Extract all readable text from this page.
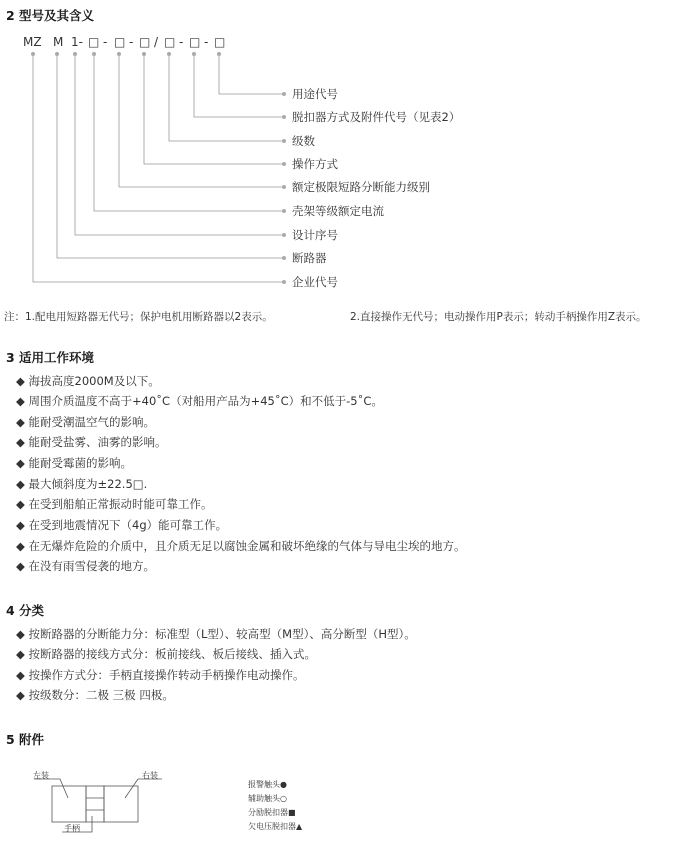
2 型号及其含义
MZ M 1- □ - □ - □ / □ - □ - □
用途代号
脱扣器方式及附件代号（见表2）
级数
操作方式
额定极限短路分断能力级别
壳架等级额定电流
设计序号
断路器
企业代号
注：1.配电用短路器无代号；保护电机用断路器以2表示。	2.直接操作无代号；电动操作用P表示；转动手柄操作用Z表示。
3 适用工作环境
◆ 海拔高度2000M及以下。
◆ 周围介质温度不高于+40˚C（对船用产品为+45˚C）和不低于-5˚C。
◆ 能耐受潮温空气的影响。
◆ 能耐受盐雾、油雾的影响。
◆ 能耐受霉菌的影响。
◆ 最大倾斜度为±22.5□.
◆ 在受到船舶正常振动时能可靠工作。
◆ 在受到地震情况下（4g）能可靠工作。
◆ 在无爆炸危险的介质中，且介质无足以腐蚀金属和破坏绝缘的气体与导电尘埃的地方。
◆ 在没有雨雪侵袭的地方。
4 分类
◆ 按断路器的分断能力分：标准型（L型）、较高型（M型）、高分断型（H型）。
◆ 按断路器的接线方式分：板前接线、板后接线、插入式。
◆ 按操作方式分：手柄直接操作转动手柄操作电动操作。
◆ 按级数分：二极 三极 四极。
5 附件
左装	右装
手柄
报警触头●
辅助触头○
分励脱扣器■
欠电压脱扣器▲
